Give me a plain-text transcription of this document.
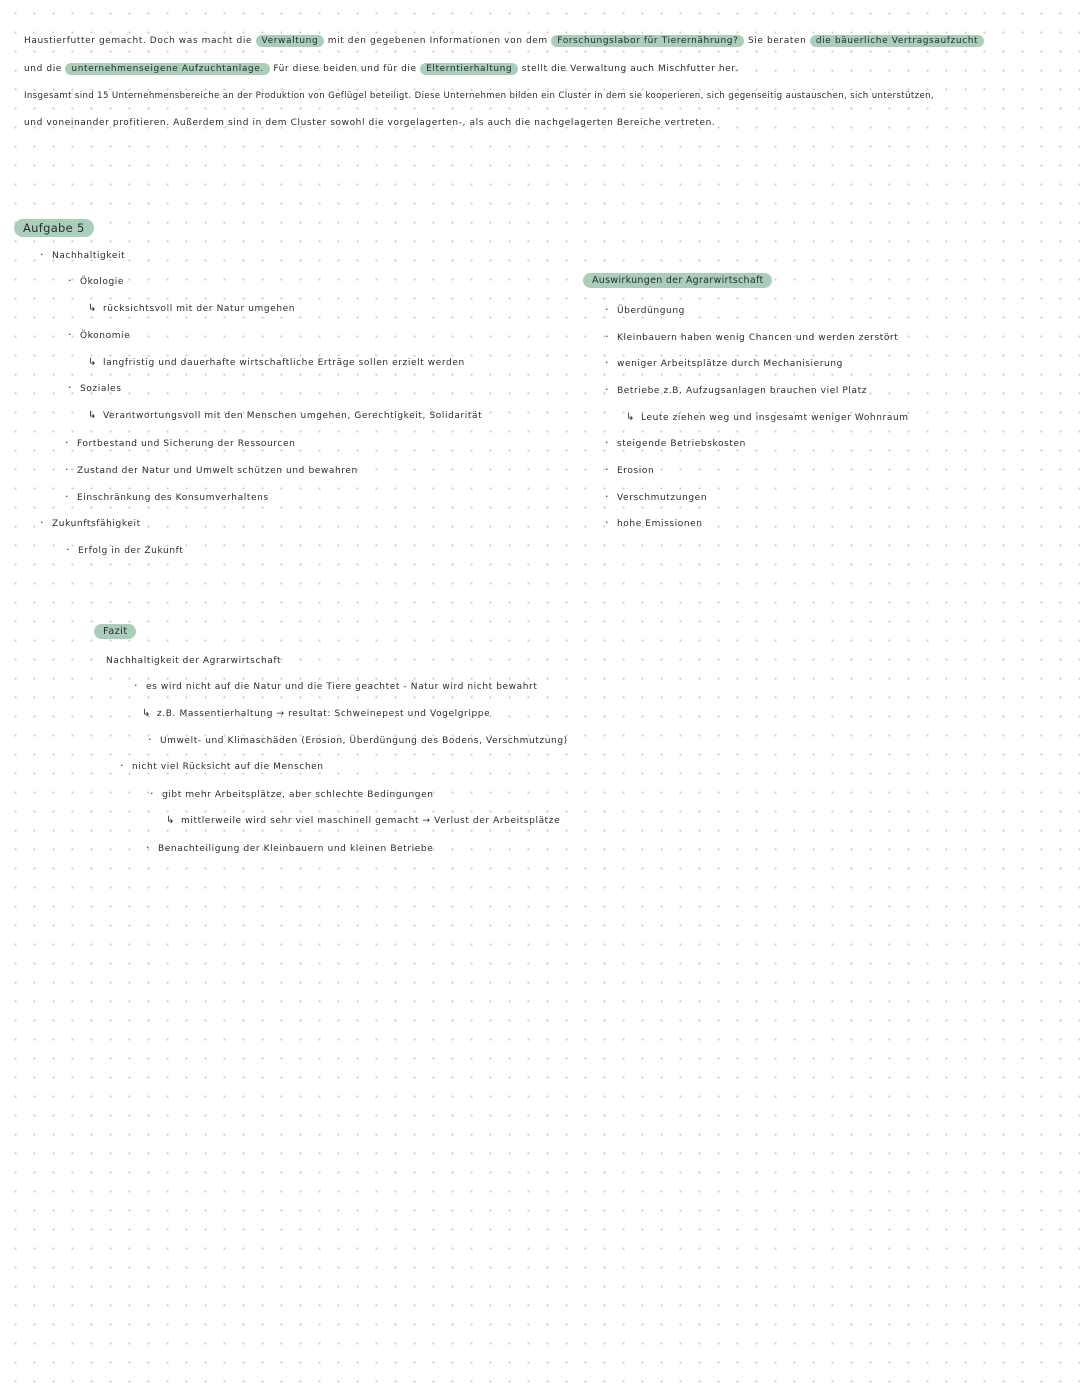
Haustierfutter gemacht. Doch was macht die Verwaltung mit den gegebenen Informationen von dem Forschungslabor für Tierernährung? Sie beraten die bäuerliche Vertragsaufzucht
und die unternehmenseigene Aufzuchtanlage. Für diese beiden und für die Elterntierhaltung stellt die Verwaltung auch Mischfutter her.
Insgesamt sind 15 Unternehmensbereiche an der Produktion von Geflügel beteiligt. Diese Unternehmen bilden ein Cluster in dem sie kooperieren, sich gegenseitig austauschen, sich unterstützen,
und voneinander profitieren. Außerdem sind in dem Cluster sowohl die vorgelagerten-, als auch die nachgelagerten Bereiche vertreten.
Aufgabe 5
· Nachhaltigkeit
· Ökologie
↳ rücksichtsvoll mit der Natur umgehen
· Ökonomie
↳ langfristig und dauerhafte wirtschaftliche Erträge sollen erzielt werden
· Soziales
↳ Verantwortungsvoll mit den Menschen umgehen, Gerechtigkeit, Solidarität
· Fortbestand und Sicherung der Ressourcen
· Zustand der Natur und Umwelt schützen und bewahren
· Einschränkung des Konsumverhaltens
· Zukunftsfähigkeit
· Erfolg in der Zukunft
Auswirkungen der Agrarwirtschaft
· Überdüngung
· Kleinbauern haben wenig Chancen und werden zerstört
· weniger Arbeitsplätze durch Mechanisierung
· Betriebe z.B. Aufzugsanlagen brauchen viel Platz
↳ Leute ziehen weg und insgesamt weniger Wohnraum
· steigende Betriebskosten
· Erosion
· Verschmutzungen
· hohe Emissionen
Fazit
Nachhaltigkeit der Agrarwirtschaft
· es wird nicht auf die Natur und die Tiere geachtet - Natur wird nicht bewahrt
↳ z.B. Massentierhaltung → resultat: Schweinepest und Vogelgrippe
· Umwelt- und Klimaschäden (Erosion, Überdüngung des Bodens, Verschmutzung)
· nicht viel Rücksicht auf die Menschen
· gibt mehr Arbeitsplätze, aber schlechte Bedingungen
↳ mittlerweile wird sehr viel maschinell gemacht → Verlust der Arbeitsplätze
· Benachteiligung der Kleinbauern und kleinen Betriebe
